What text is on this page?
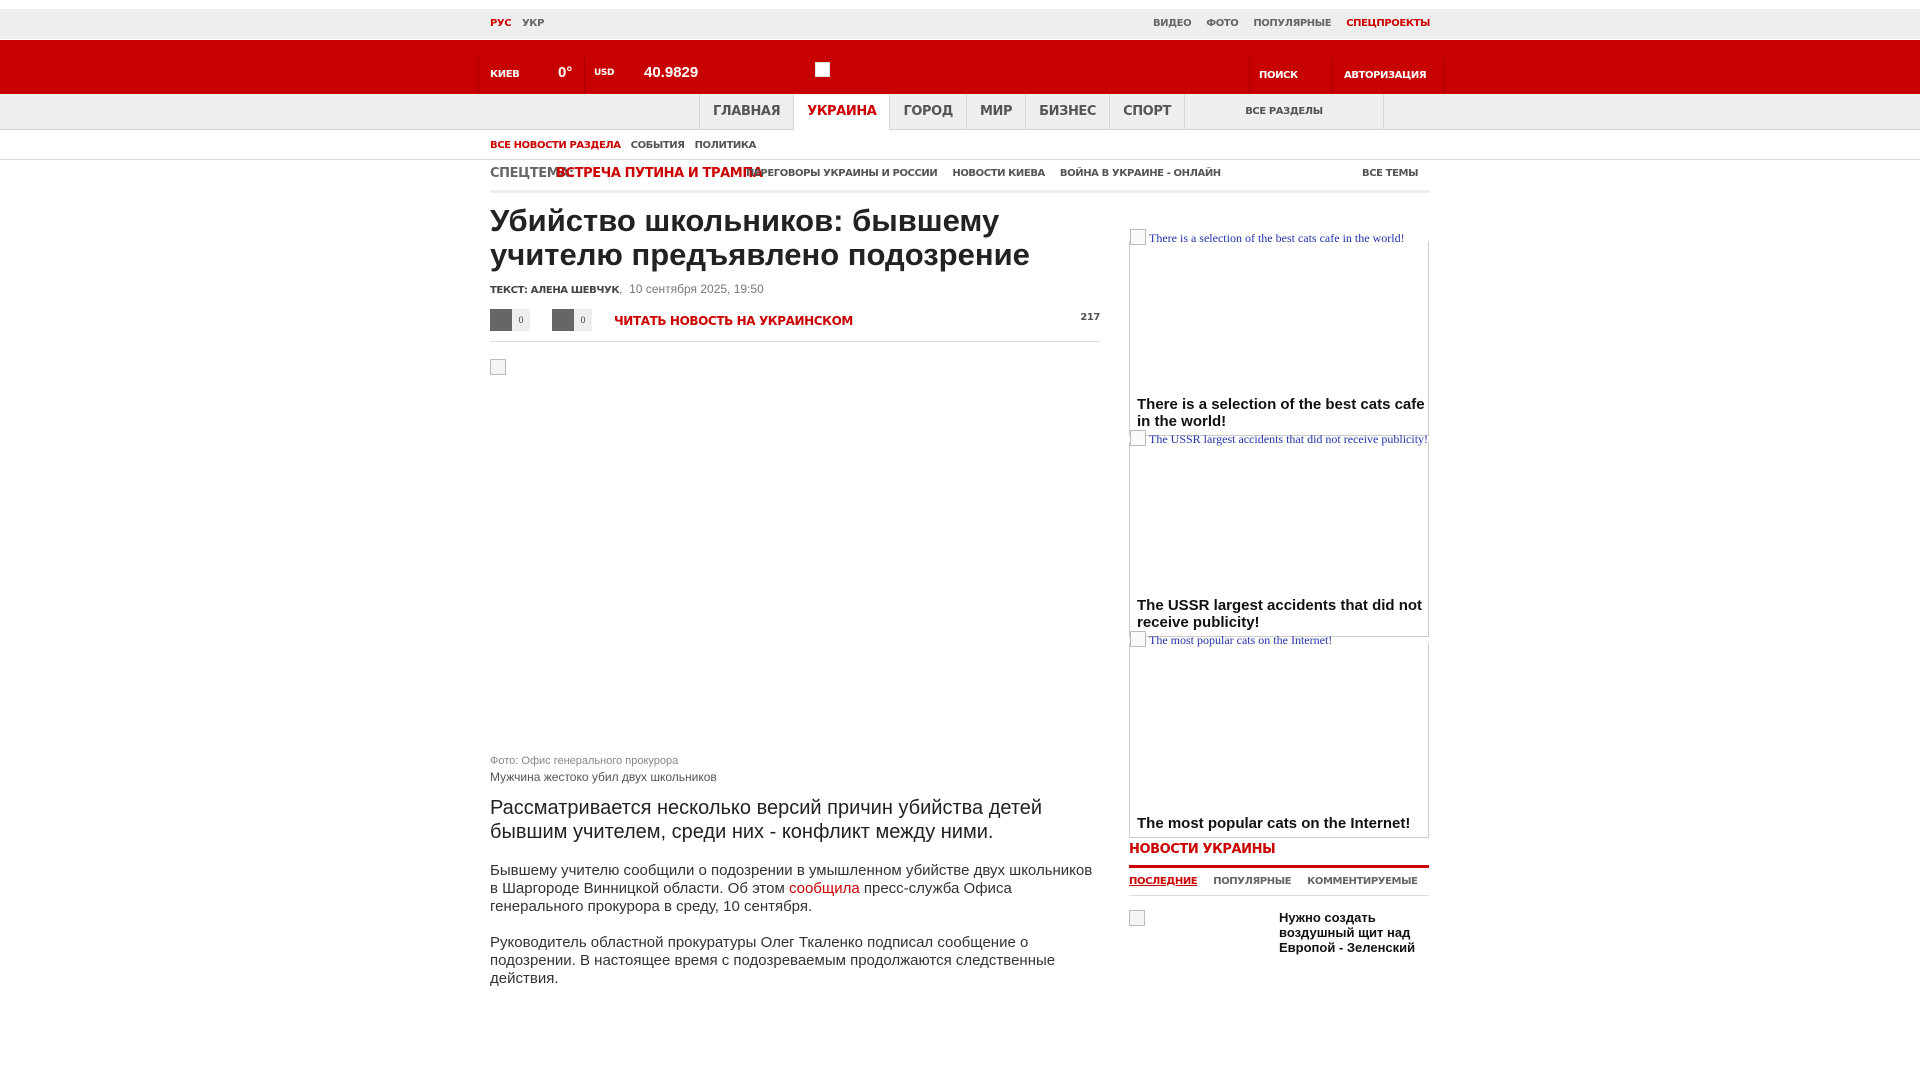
РУС УКР	ВИДЕО ФОТО ПОПУЛЯРНЫЕ СПЕЦПРОЕКТЫ
КИЕВ	0° USD 40.9829	ПОИСК	АВТОРИЗАЦИЯ
ГЛАВНАЯ	УКРАИНА	ГОРОД	МИР	БИЗНЕС	СПОРТ	ВСЕ РАЗДЕЛЫ
ВСЕ НОВОСТИ РАЗДЕЛА СОБЫТИЯ ПОЛИТИКА
СПЕЦТЕМА:
ВСТРЕЧА ПУТИНА И ТРАМПА
ПЕРЕГОВОРЫ УКРАИНЫ И РОССИИ НОВОСТИ КИЕВА ВОЙНА В УКРАИНЕ - ОНЛАЙН	ВСЕ ТЕМЫ
Убийство школьников: бывшему учителю предъявлено подозрение
ТЕКСТ: АЛЕНА ШЕВЧУК,  10 сентября 2025, 19:50
0	0	ЧИТАТЬ НОВОСТЬ НА УКРАИНСКОМ	217
Фото: Офис генерального прокурора
Мужчина жестоко убил двух школьников
Рассматривается несколько версий причин убийства детей бывшим учителем, среди них - конфликт между ними.

Бывшему учителю сообщили о подозрении в умышленном убийстве двух школьников в Шаргороде Винницкой области. Об этом сообщила пресс-служба Офиса генерального прокурора в среду, 10 сентября.

Руководитель областной прокуратуры Олег Ткаленко подписал сообщение о подозрении. В настоящее время с подозреваемым продолжаются следственные действия.

There is a selection of the best cats cafe in the world!
There is a selection of the best cats cafe in the world!
The USSR largest accidents that did not receive publicity!
The USSR largest accidents that did not receive publicity!
The most popular cats on the Internet!
The most popular cats on the Internet!
НОВОСТИ УКРАИНЫ
ПОСЛЕДНИЕ ПОПУЛЯРНЫЕ КОММЕНТИРУЕМЫЕ
Нужно создать воздушный щит над Европой - Зеленский
